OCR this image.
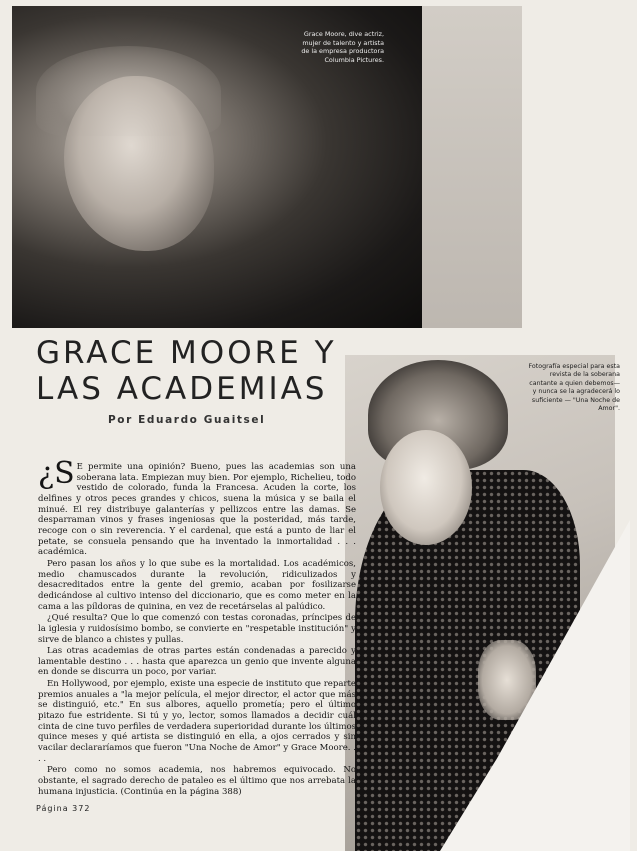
Grace Moore, dive actriz, mujer de talento y artista de la empresa productora Columbia Pictures.
GRACE MOORE Y
LAS ACADEMIAS
Por Eduardo Guaitsel
Fotografía especial para esta revista de la soberana cantante a quien debemos—y nunca se la agradecerá lo suficiente — "Una Noche de Amor".

¿S E permite una opinión? Bueno, pues las academias son una soberana lata. Empiezan muy bien. Por ejemplo, Richelieu, todo vestido de colorado, funda la Francesa. Acuden la corte, los delfines y otros peces grandes y chicos, suena la música y se baila el minué. El rey distribuye galanterías y pellizcos entre las damas. Se desparraman vinos y frases ingeniosas que la posteridad, más tarde, recoge con o sin reverencia. Y el cardenal, que está a punto de liar el petate, se consuela pensando que ha inventado la inmortalidad . . . académica.

Pero pasan los años y lo que sube es la mortalidad. Los académicos, medio chamuscados durante la revolución, ridiculizados y desacreditados entre la gente del gremio, acaban por fosilizarse dedicándose al cultivo intenso del diccionario, que es como meter en la cama a las píldoras de quinina, en vez de recetárselas al palúdico.

¿Qué resulta? Que lo que comenzó con testas coronadas, príncipes de la iglesia y ruidosísimo bombo, se convierte en "respetable institución" y sirve de blanco a chistes y pullas.

Las otras academias de otras partes están condenadas a parecido y lamentable destino . . . hasta que aparezca un genio que invente alguna en donde se discurra un poco, por variar.

En Hollywood, por ejemplo, existe una especie de instituto que reparte premios anuales a "la mejor película, el mejor director, el actor que más se distinguió, etc." En sus albores, aquello prometía; pero el último pitazo fue estridente. Si tú y yo, lector, somos llamados a decidir cuál cinta de cine tuvo perfiles de verdadera superioridad durante los últimos quince meses y qué artista se distinguió en ella, a ojos cerrados y sin vacilar declararíamos que fueron "Una Noche de Amor" y Grace Moore. . . .

Pero como no somos academia, nos habremos equivocado. No obstante, el sagrado derecho de pataleo es el último que nos arrebata la humana injusticia. (Continúa en la página 388)

Página 372
